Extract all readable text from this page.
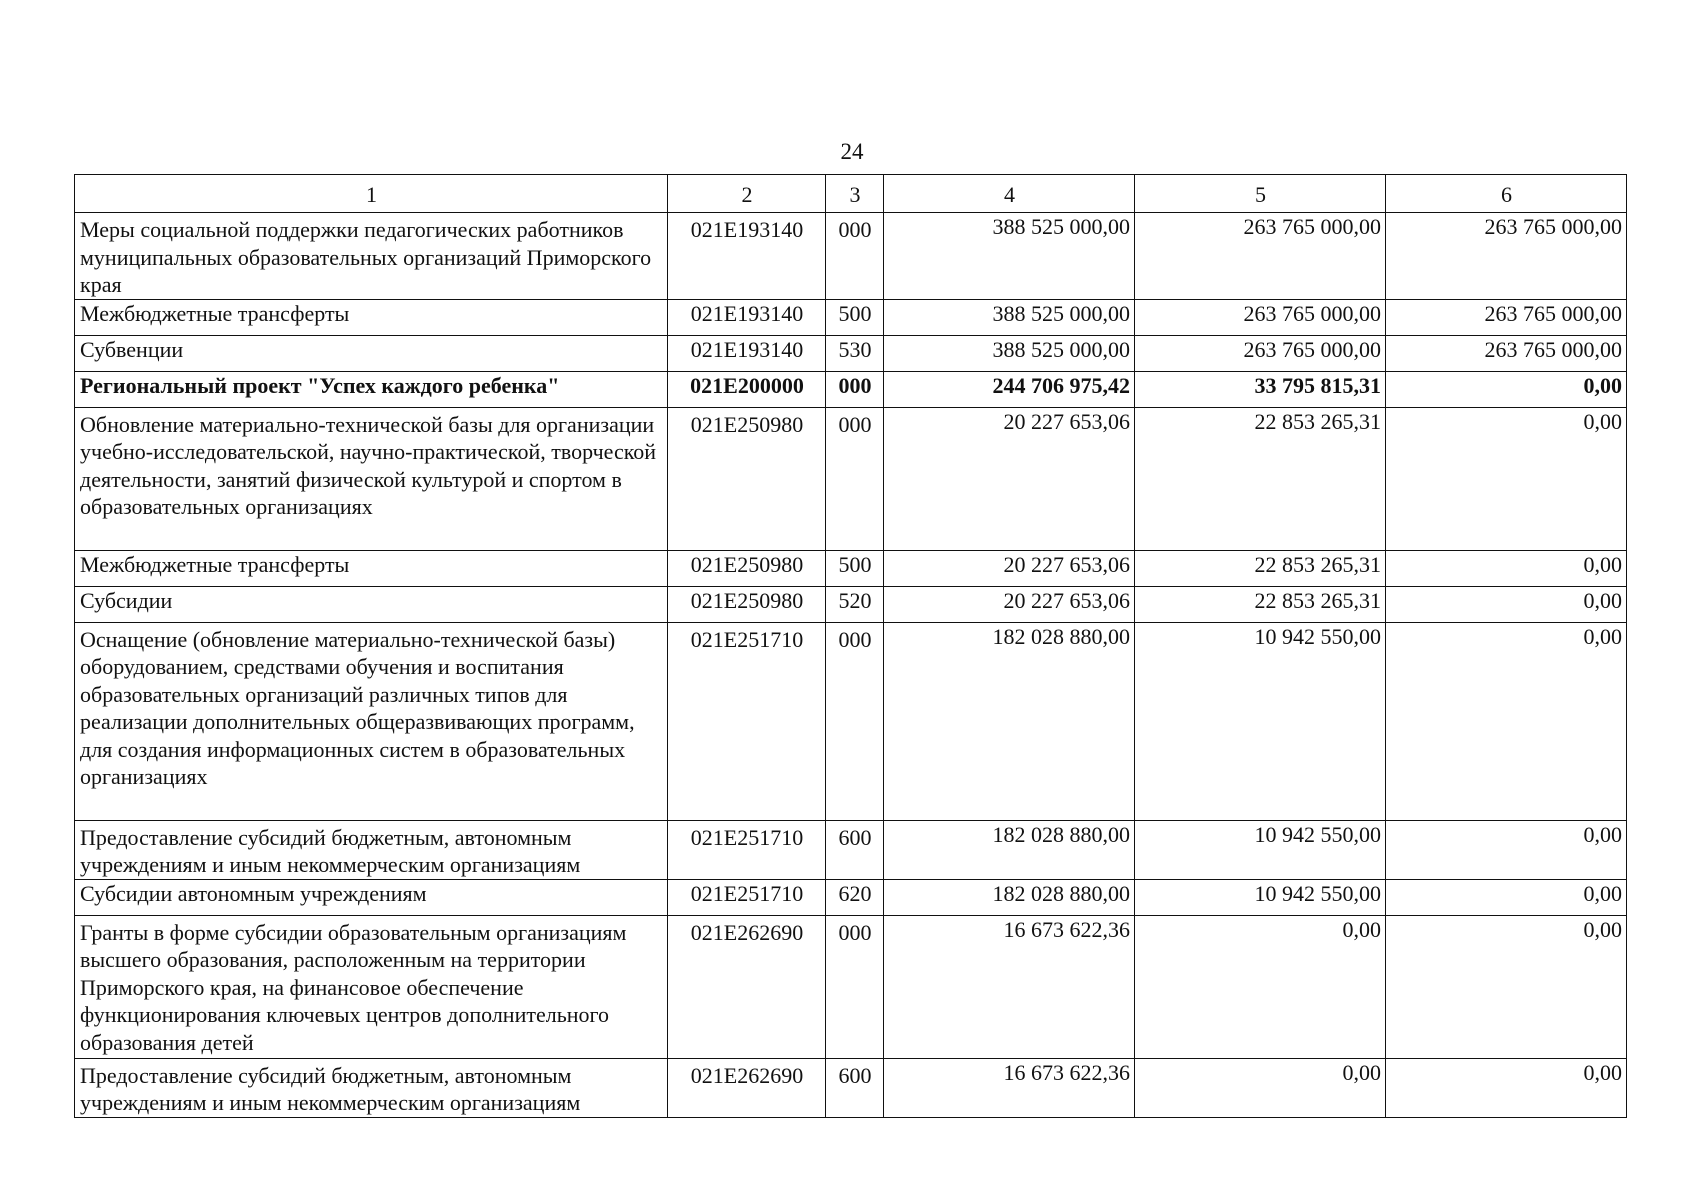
24
1	2	3	4	5	6
Меры социальной поддержки педагогических работников муниципальных образовательных организаций Приморского края	021E193140	000	388 525 000,00	263 765 000,00	263 765 000,00
Межбюджетные трансферты	021E193140	500	388 525 000,00	263 765 000,00	263 765 000,00
Субвенции	021E193140	530	388 525 000,00	263 765 000,00	263 765 000,00
Региональный проект "Успех каждого ребенка"	021E200000	000	244 706 975,42	33 795 815,31	0,00
Обновление материально-технической базы для организации учебно-исследовательской, научно-практической, творческой деятельности, занятий физической культурой и спортом в образовательных организациях	021E250980	000	20 227 653,06	22 853 265,31	0,00
Межбюджетные трансферты	021E250980	500	20 227 653,06	22 853 265,31	0,00
Субсидии	021E250980	520	20 227 653,06	22 853 265,31	0,00
Оснащение (обновление материально-технической базы) оборудованием, средствами обучения и воспитания образовательных организаций различных типов для реализации дополнительных общеразвивающих программ, для создания информационных систем в образовательных организациях	021E251710	000	182 028 880,00	10 942 550,00	0,00
Предоставление субсидий бюджетным, автономным учреждениям и иным некоммерческим организациям	021E251710	600	182 028 880,00	10 942 550,00	0,00
Субсидии автономным учреждениям	021E251710	620	182 028 880,00	10 942 550,00	0,00
Гранты в форме субсидии образовательным организациям высшего образования, расположенным на территории Приморского края, на финансовое обеспечение функционирования ключевых центров дополнительного образования детей	021E262690	000	16 673 622,36	0,00	0,00
Предоставление субсидий бюджетным, автономным учреждениям и иным некоммерческим организациям	021E262690	600	16 673 622,36	0,00	0,00
